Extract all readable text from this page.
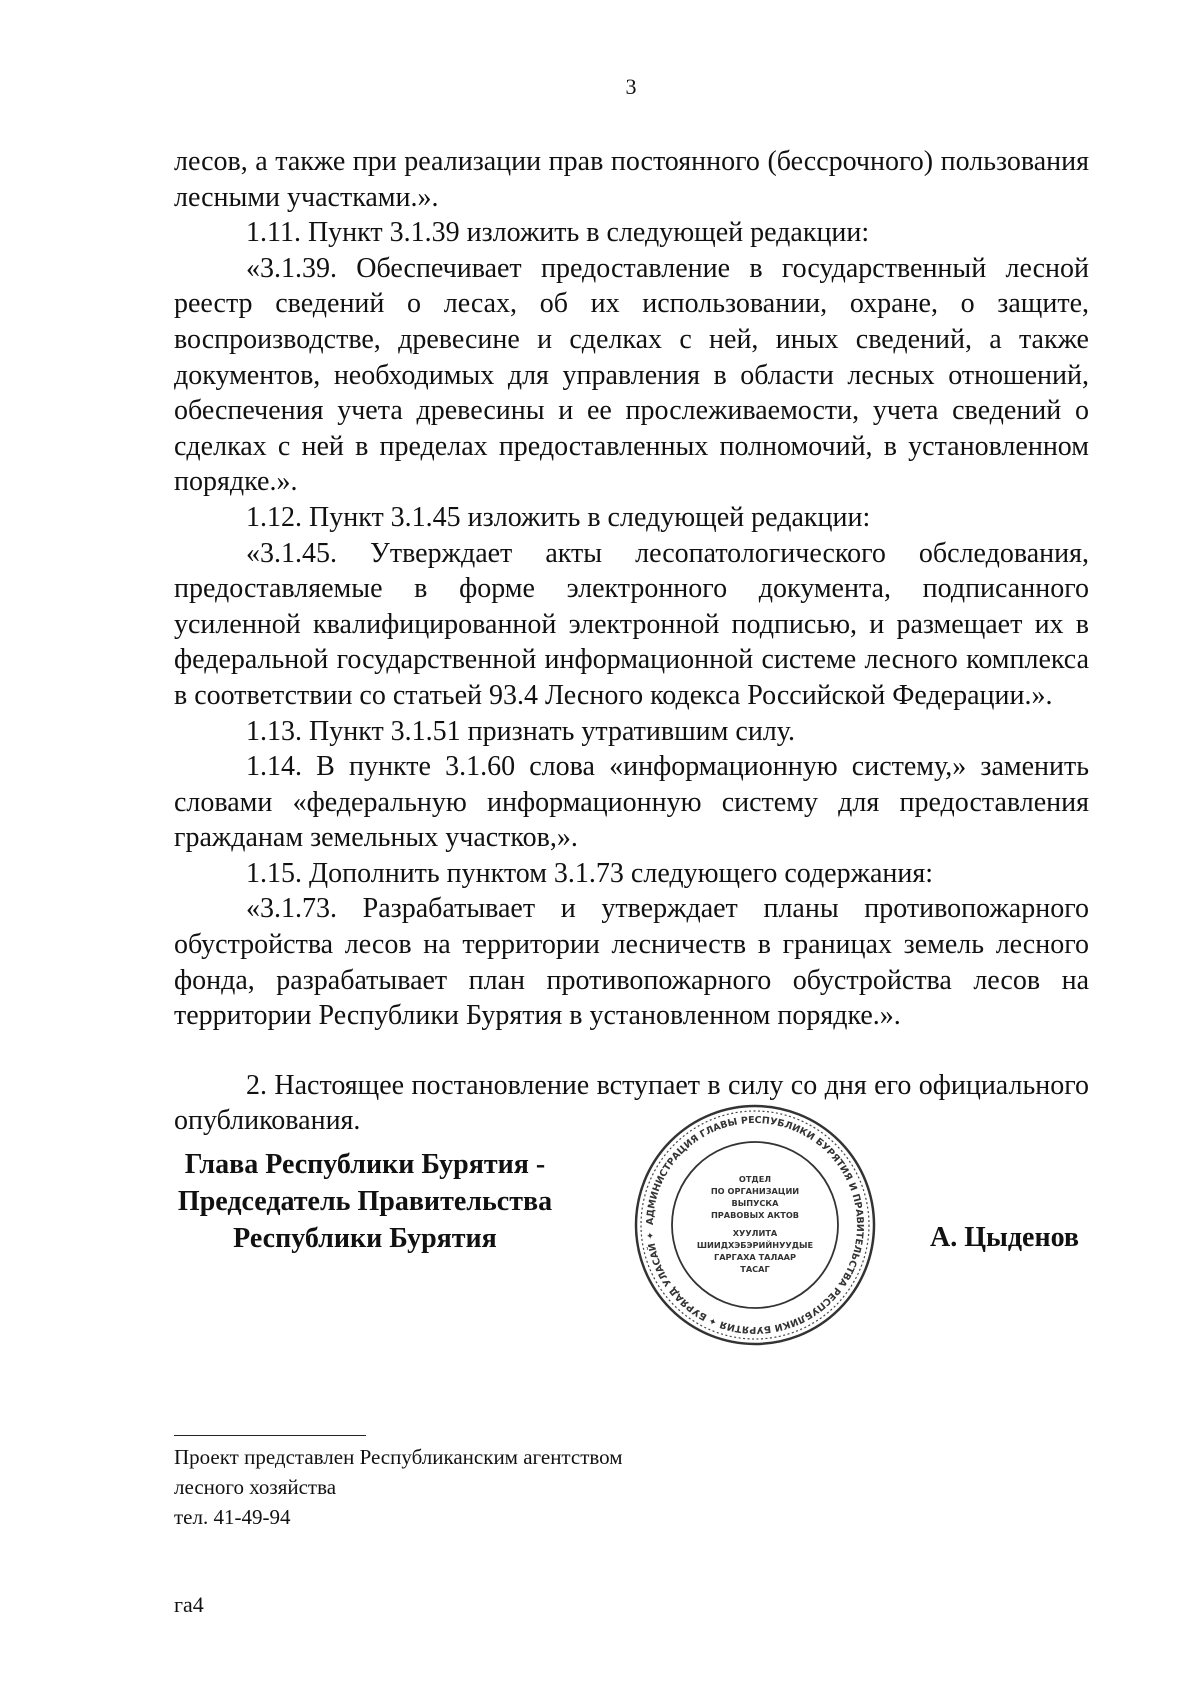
3

лесов, а также при реализации прав постоянного (бессрочного) пользования лесными участками.».

1.11. Пункт 3.1.39 изложить в следующей редакции:

«3.1.39. Обеспечивает предоставление в государственный лесной реестр сведений о лесах, об их использовании, охране, о защите, воспроизводстве, древесине и сделках с ней, иных сведений, а также документов, необходимых для управления в области лесных отношений, обеспечения учета древесины и ее прослеживаемости, учета сведений о сделках с ней в пределах предоставленных полномочий, в установленном порядке.».

1.12. Пункт 3.1.45 изложить в следующей редакции:

«3.1.45. Утверждает акты лесопатологического обследования, предоставляемые в форме электронного документа, подписанного усиленной квалифицированной электронной подписью, и размещает их в федеральной государственной информационной системе лесного комплекса в соответствии со статьей 93.4 Лесного кодекса Российской Федерации.».

1.13. Пункт 3.1.51 признать утратившим силу.

1.14. В пункте 3.1.60 слова «информационную систему,» заменить словами «федеральную информационную систему для предоставления гражданам земельных участков,».

1.15. Дополнить пунктом 3.1.73 следующего содержания:

«3.1.73. Разрабатывает и утверждает планы противопожарного обустройства лесов на территории лесничеств в границах земель лесного фонда, разрабатывает план противопожарного обустройства лесов на территории Республики Бурятия в установленном порядке.».

2. Настоящее постановление вступает в силу со дня его официального опубликования.

Глава Республики Бурятия -
Председатель Правительства
Республики Бурятия
АДМИНИСТРАЦИЯ ГЛАВЫ РЕСПУБЛИКИ БУРЯТИЯ И ПРАВИТЕЛЬСТВА РЕСПУБЛИКИ БУРЯТИЯ ✦ БУРЯАД УЛАСАЙ ✦
ОТДЕЛ
ПО ОРГАНИЗАЦИИ
ВЫПУСКА
ПРАВОВЫХ АКТОВ
ХУУЛИТА
ШИИДХЭБЭРИЙНУУДЫЕ
ГАРГАХА ТАЛААР
ТАСАГ
А. Цыденов
Проект представлен Республиканским агентством
лесного хозяйства
тел. 41-49-94
га4
